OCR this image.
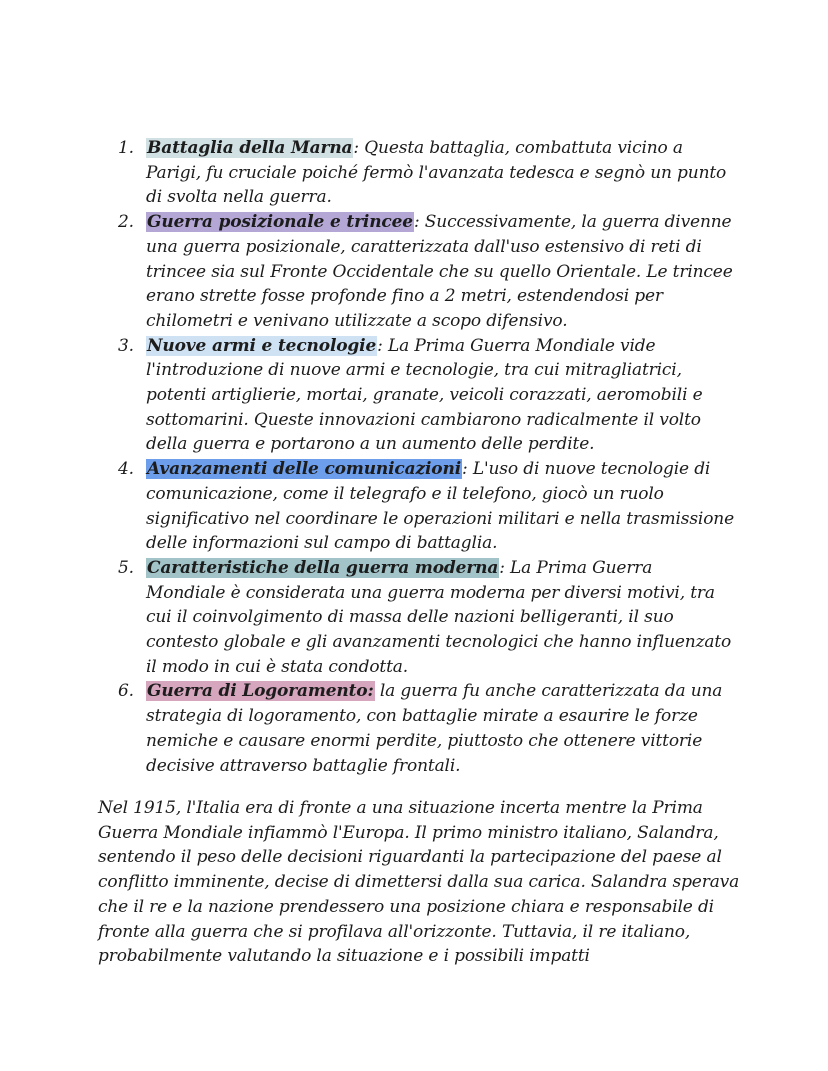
1. Battaglia della Marna: Questa battaglia, combattuta vicino a Parigi, fu cruciale poiché fermò l'avanzata tedesca e segnò un punto di svolta nella guerra.
2. Guerra posizionale e trincee: Successivamente, la guerra divenne una guerra posizionale, caratterizzata dall'uso estensivo di reti di trincee sia sul Fronte Occidentale che su quello Orientale. Le trincee erano strette fosse profonde fino a 2 metri, estendendosi per chilometri e venivano utilizzate a scopo difensivo.
3. Nuove armi e tecnologie: La Prima Guerra Mondiale vide l'introduzione di nuove armi e tecnologie, tra cui mitragliatrici, potenti artiglierie, mortai, granate, veicoli corazzati, aeromobili e sottomarini. Queste innovazioni cambiarono radicalmente il volto della guerra e portarono a un aumento delle perdite.
4. Avanzamenti delle comunicazioni: L'uso di nuove tecnologie di comunicazione, come il telegrafo e il telefono, giocò un ruolo significativo nel coordinare le operazioni militari e nella trasmissione delle informazioni sul campo di battaglia.
5. Caratteristiche della guerra moderna: La Prima Guerra Mondiale è considerata una guerra moderna per diversi motivi, tra cui il coinvolgimento di massa delle nazioni belligeranti, il suo contesto globale e gli avanzamenti tecnologici che hanno influenzato il modo in cui è stata condotta.
6. Guerra di Logoramento: la guerra fu anche caratterizzata da una strategia di logoramento, con battaglie mirate a esaurire le forze nemiche e causare enormi perdite, piuttosto che ottenere vittorie decisive attraverso battaglie frontali.

Nel 1915, l'Italia era di fronte a una situazione incerta mentre la Prima Guerra Mondiale infiammò l'Europa. Il primo ministro italiano, Salandra, sentendo il peso delle decisioni riguardanti la partecipazione del paese al conflitto imminente, decise di dimettersi dalla sua carica. Salandra sperava che il re e la nazione prendessero una posizione chiara e responsabile di fronte alla guerra che si profilava all'orizzonte. Tuttavia, il re italiano, probabilmente valutando la situazione e i possibili impatti
